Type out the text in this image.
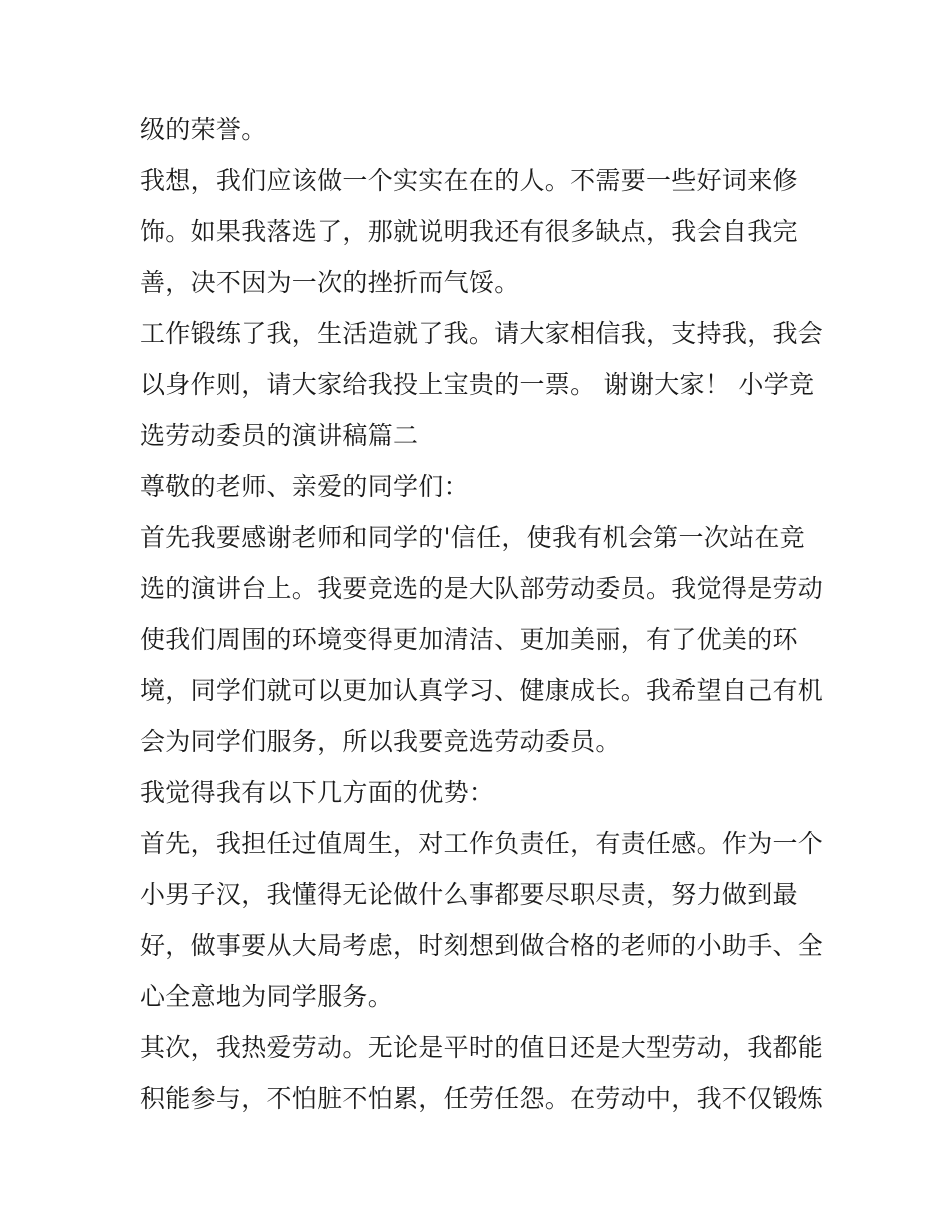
级的荣誉。
我想，我们应该做一个实实在在的人。不需要一些好词来修
饰。如果我落选了，那就说明我还有很多缺点，我会自我完
善，决不因为一次的挫折而气馁。
工作锻练了我，生活造就了我。请大家相信我，支持我，我会
以身作则，请大家给我投上宝贵的一票。 谢谢大家！ 小学竞
选劳动委员的演讲稿篇二
尊敬的老师、亲爱的同学们：
首先我要感谢老师和同学的'信任，使我有机会第一次站在竞
选的演讲台上。我要竞选的是大队部劳动委员。我觉得是劳动
使我们周围的环境变得更加清洁、更加美丽，有了优美的环
境，同学们就可以更加认真学习、健康成长。我希望自己有机
会为同学们服务，所以我要竞选劳动委员。
我觉得我有以下几方面的优势：
首先，我担任过值周生，对工作负责任，有责任感。作为一个
小男子汉，我懂得无论做什么事都要尽职尽责，努力做到最
好，做事要从大局考虑，时刻想到做合格的老师的小助手、全
心全意地为同学服务。
其次，我热爱劳动。无论是平时的值日还是大型劳动，我都能
积能参与，不怕脏不怕累，任劳任怨。在劳动中，我不仅锻炼
